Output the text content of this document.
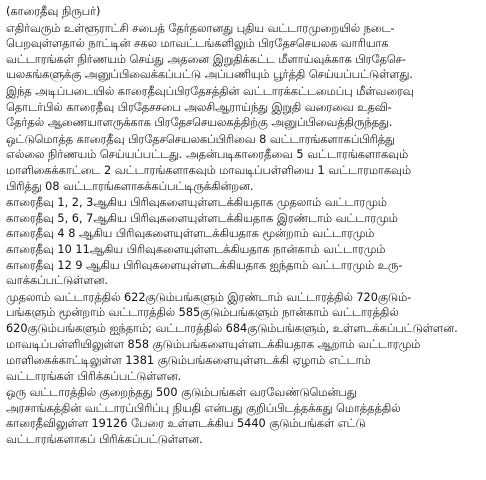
(காரைதீவு நிருபர்)
எதிர்வரும் உள்ளூராட்சி சபைத் தேர்தலானது புதிய வட்டாரமுறையில் நடை-
பெறவுள்ளதால் நாட்டின் சகல மாவட்டங்களிலும் பிரதேசசெயலக வாரியாக
வட்டாரங்கள் நிர்ணயம் செய்து அதனை இறுதிக்கட்ட மீளாய்வுக்காக பிரதேசெ-
யலகங்களுக்கு அனுப்பிவைக்கப்பட்டு அப்பணியும் பூர்த்தி செய்யப்பட்டுள்ளது.
இந்த அடிப்படையில் காரைதீவுப்பிரதேசத்தின் வட்டாரக்கட்டமைப்பு மீள்வரைவு
தொடர்பில் காரைதீவு பிரதேசசபை அலசிஆராய்ந்து இறுதி வரைவை உதவி-
தேர்தல் ஆணையாளருக்காக பிரதேசசெயலகத்திற்கு அனுப்பிவைத்திருந்தது.
ஒட்டுமொத்த காரைதீவு பிரதேசசெயலகப்பிரிவை 8 வட்டாரங்களாகப்பிரித்து
எல்லை நிர்ணயம் செய்யப்பட்டது. அதன்படிகாரைதீவை 5 வட்டாரங்களாகவும்
மாளிகைக்காட்டை 2 வட்டாரங்களாகவும் மாவடிப்பள்ளியை 1 வட்டாரமாகவும்
பிரித்து 08 வட்டாரங்களாகக்கப்பட்டிருக்கின்றன.
காரைதீவு 1, 2, 3ஆகிய பிரிவுகளையுள்ளடக்கியதாக முதலாம் வட்டாரமும்
காரைதீவு 5, 6, 7ஆகிய பிரிவுகளையுள்ளடக்கியதாக இரண்டாம் வட்டாரமும்
காரைதீவு 4 8 ஆகிய பிரிவுகளையுள்ளடக்கியதாக மூன்றாம் வட்டாரமும்
காரைதீவு 10 11ஆகிய பிரிவுகளையுள்ளடக்கியதாக நான்காம் வட்டாரமும்
காரைதீவு 12 9 ஆகிய பிரிவுகளையுள்ளடக்கியதாக ஐந்தாம் வட்டாரமும் உரு-
வாக்கப்பட்டுள்ளன.
முதலாம் வட்டாரத்தில் 622குடும்பங்களும் இரண்டாம் வட்டாரத்தில் 720குடும்-
பங்களும் மூன்றாம் வட்டாரத்தில் 585குடும்பங்களும் நான்காம் வட்டாரத்தில்
620குடும்பங்களும் ஐந்தாம்; வட்டாரத்தில் 684குடும்பங்களும், உள்ளடக்கப்பட்டுள்ளன.
மாவடிப்பள்ளியிலுள்ள 858 குடும்பங்களையுள்ளடக்கியதாக ஆறாம் வட்டாரமும்
மாளிகைக்காட்டிலுள்ள 1381 குடும்பங்களையுள்ளடக்கி ஏழாம் எட்டாம்
வட்டாரங்கள் பிரிக்கப்பட்டுள்ளன.
ஒரு வட்டாரத்தில் குறைந்தது 500 குடும்பங்கள் வரவேண்டுமென்பது
அரசாங்கத்தின் வட்டாரப்பிரிப்பு நியதி என்பது குறிப்பிடத்தக்கது மொத்தத்தில்
காரைதீவிலுள்ள 19126 பேரை உள்ளடக்கிய 5440 குடும்பங்கள் எட்டு
வட்டாரங்களாகப் பிரிக்கப்பட்டுள்ளன.
